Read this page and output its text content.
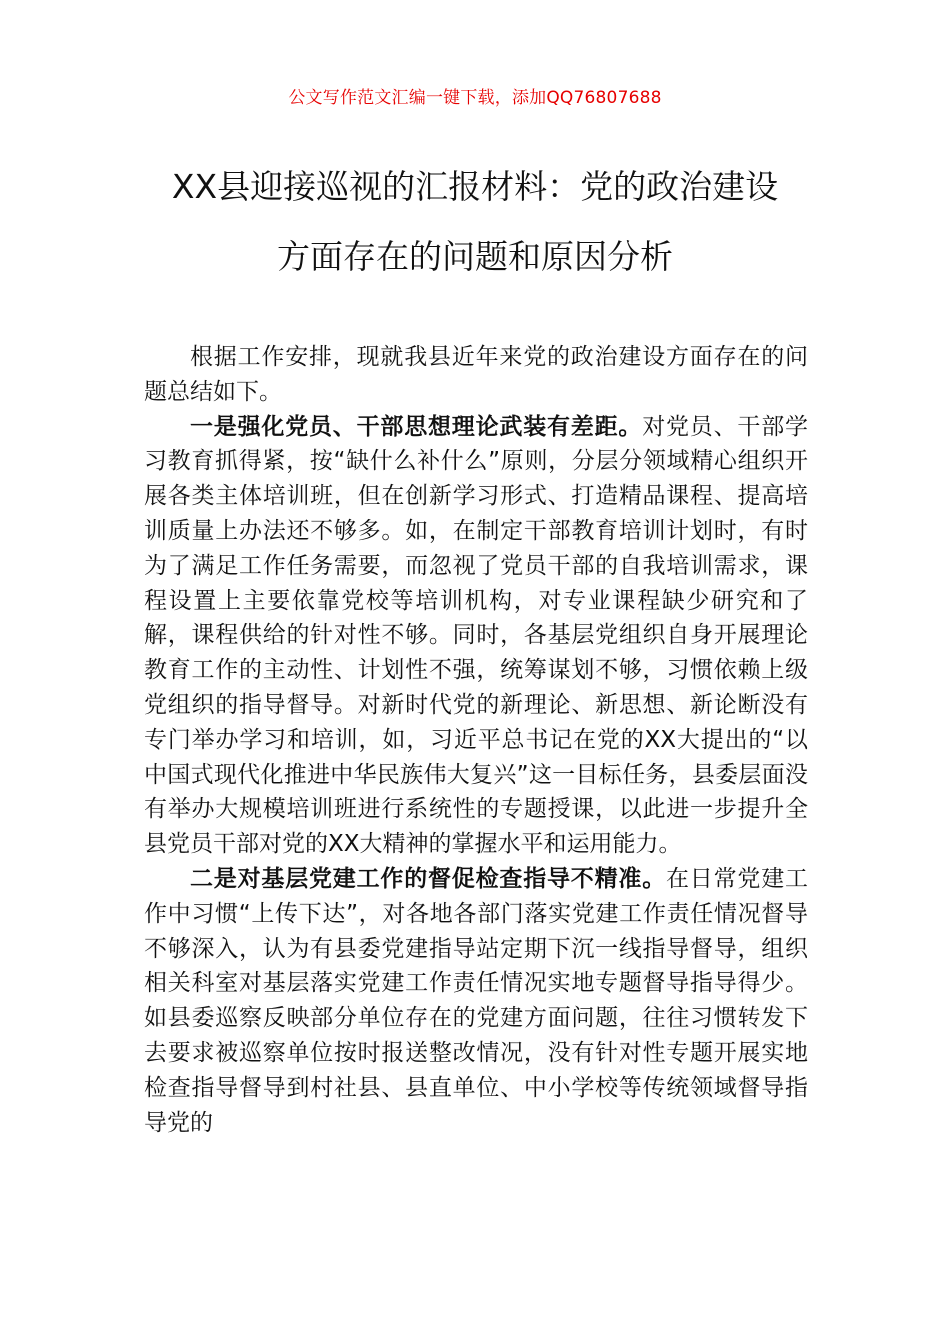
公文写作范文汇编一键下载，添加QQ76807688
XX县迎接巡视的汇报材料：党的政治建设
方面存在的问题和原因分析

根据工作安排，现就我县近年来党的政治建设方面存在的问题总结如下。

一是强化党员、干部思想理论武装有差距。对党员、干部学习教育抓得紧，按“缺什么补什么”原则，分层分领域精心组织开展各类主体培训班，但在创新学习形式、打造精品课程、提高培训质量上办法还不够多。如，在制定干部教育培训计划时，有时为了满足工作任务需要，而忽视了党员干部的自我培训需求，课程设置上主要依靠党校等培训机构，对专业课程缺少研究和了解，课程供给的针对性不够。同时，各基层党组织自身开展理论教育工作的主动性、计划性不强，统筹谋划不够，习惯依赖上级党组织的指导督导。对新时代党的新理论、新思想、新论断没有专门举办学习和培训，如，习近平总书记在党的XX大提出的“以中国式现代化推进中华民族伟大复兴”这一目标任务，县委层面没有举办大规模培训班进行系统性的专题授课，以此进一步提升全县党员干部对党的XX大精神的掌握水平和运用能力。

二是对基层党建工作的督促检查指导不精准。在日常党建工作中习惯“上传下达”，对各地各部门落实党建工作责任情况督导不够深入，认为有县委党建指导站定期下沉一线指导督导，组织相关科室对基层落实党建工作责任情况实地专题督导指导得少。如县委巡察反映部分单位存在的党建方面问题，往往习惯转发下去要求被巡察单位按时报送整改情况，没有针对性专题开展实地检查指导督导到村社县、县直单位、中小学校等传统领域督导指导党的
